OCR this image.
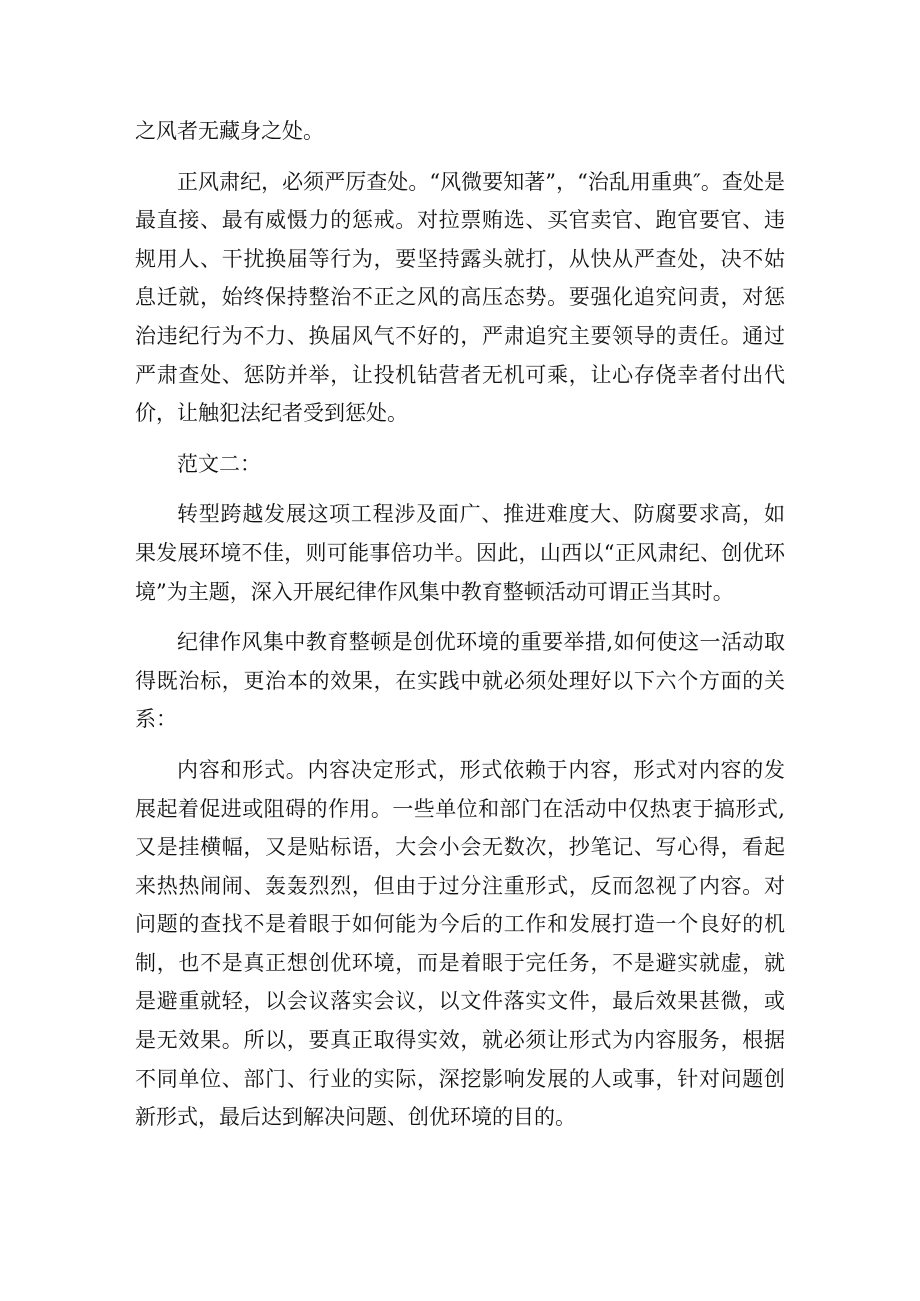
之风者无藏身之处。

正风肃纪，必须严厉查处。“风微要知著”，“治乱用重典″。查处是最直接、最有威慑力的惩戒。对拉票贿选、买官卖官、跑官要官、违规用人、干扰换届等行为，要坚持露头就打，从快从严查处，决不姑息迁就，始终保持整治不正之风的高压态势。要强化追究问责，对惩治违纪行为不力、换届风气不好的，严肃追究主要领导的责任。通过严肃查处、惩防并举，让投机钻营者无机可乘，让心存侥幸者付出代价，让触犯法纪者受到惩处。

范文二：

转型跨越发展这项工程涉及面广、推进难度大、防腐要求高，如果发展环境不佳，则可能事倍功半。因此，山西以“正风肃纪、创优环境”为主题，深入开展纪律作风集中教育整顿活动可谓正当其时。

纪律作风集中教育整顿是创优环境的重要举措,如何使这一活动取得既治标，更治本的效果，在实践中就必须处理好以下六个方面的关系：

内容和形式。内容决定形式，形式依赖于内容，形式对内容的发展起着促进或阻碍的作用。一些单位和部门在活动中仅热衷于搞形式,又是挂横幅，又是贴标语，大会小会无数次，抄笔记、写心得，看起来热热闹闹、轰轰烈烈，但由于过分注重形式，反而忽视了内容。对问题的查找不是着眼于如何能为今后的工作和发展打造一个良好的机制，也不是真正想创优环境，而是着眼于完任务，不是避实就虚，就是避重就轻，以会议落实会议，以文件落实文件，最后效果甚微，或是无效果。所以，要真正取得实效，就必须让形式为内容服务，根据不同单位、部门、行业的实际，深挖影响发展的人或事，针对问题创新形式，最后达到解决问题、创优环境的目的。
